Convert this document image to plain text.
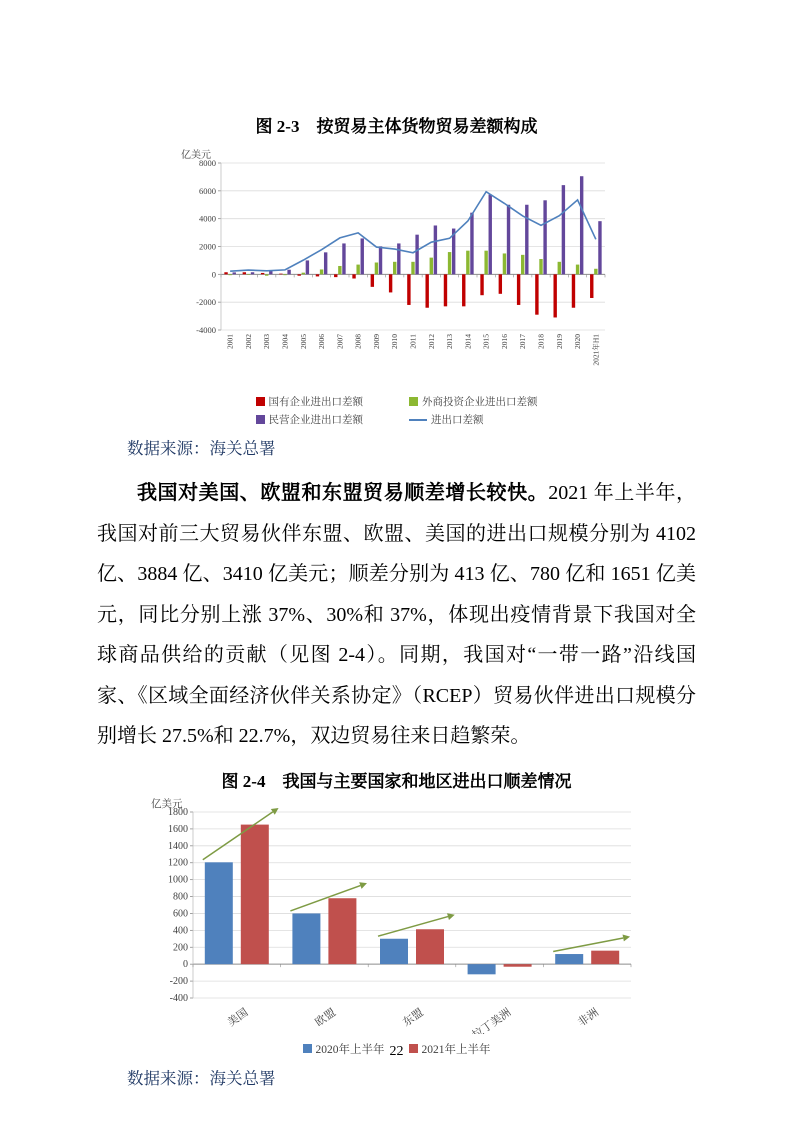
图 2-3　按贸易主体货物贸易差额构成
亿美元
-4000
-2000
0
2000
4000
6000
8000
2001 2002 2003 2004 2005 2006 2007 2008 2009 2010 2011 2012 2013 2014 2015 2016 2017 2018 2019 2020 2021年H1
国有企业进出口差额	外商投资企业进出口差额
民营企业进出口差额	进出口差额
数据来源：海关总署

我国对美国、欧盟和东盟贸易顺差增长较快。2021 年上半年，我国对前三大贸易伙伴东盟、欧盟、美国的进出口规模分别为 4102 亿、3884 亿、3410 亿美元；顺差分别为 413 亿、780 亿和 1651 亿美元，同比分别上涨 37%、30%和 37%，体现出疫情背景下我国对全球商品供给的贡献（见图 2-4）。同期，我国对“一带一路”沿线国家、《区域全面经济伙伴关系协定》（RCEP）贸易伙伴进出口规模分别增长 27.5%和 22.7%，双边贸易往来日趋繁荣。

图 2-4　我国与主要国家和地区进出口顺差情况
亿美元
-400
-200
0
200
400
600
800
1000
1200
1400
1600
1800
美国	欧盟	东盟	拉丁美洲	非洲
2020年上半年	2021年上半年
数据来源：海关总署
22
